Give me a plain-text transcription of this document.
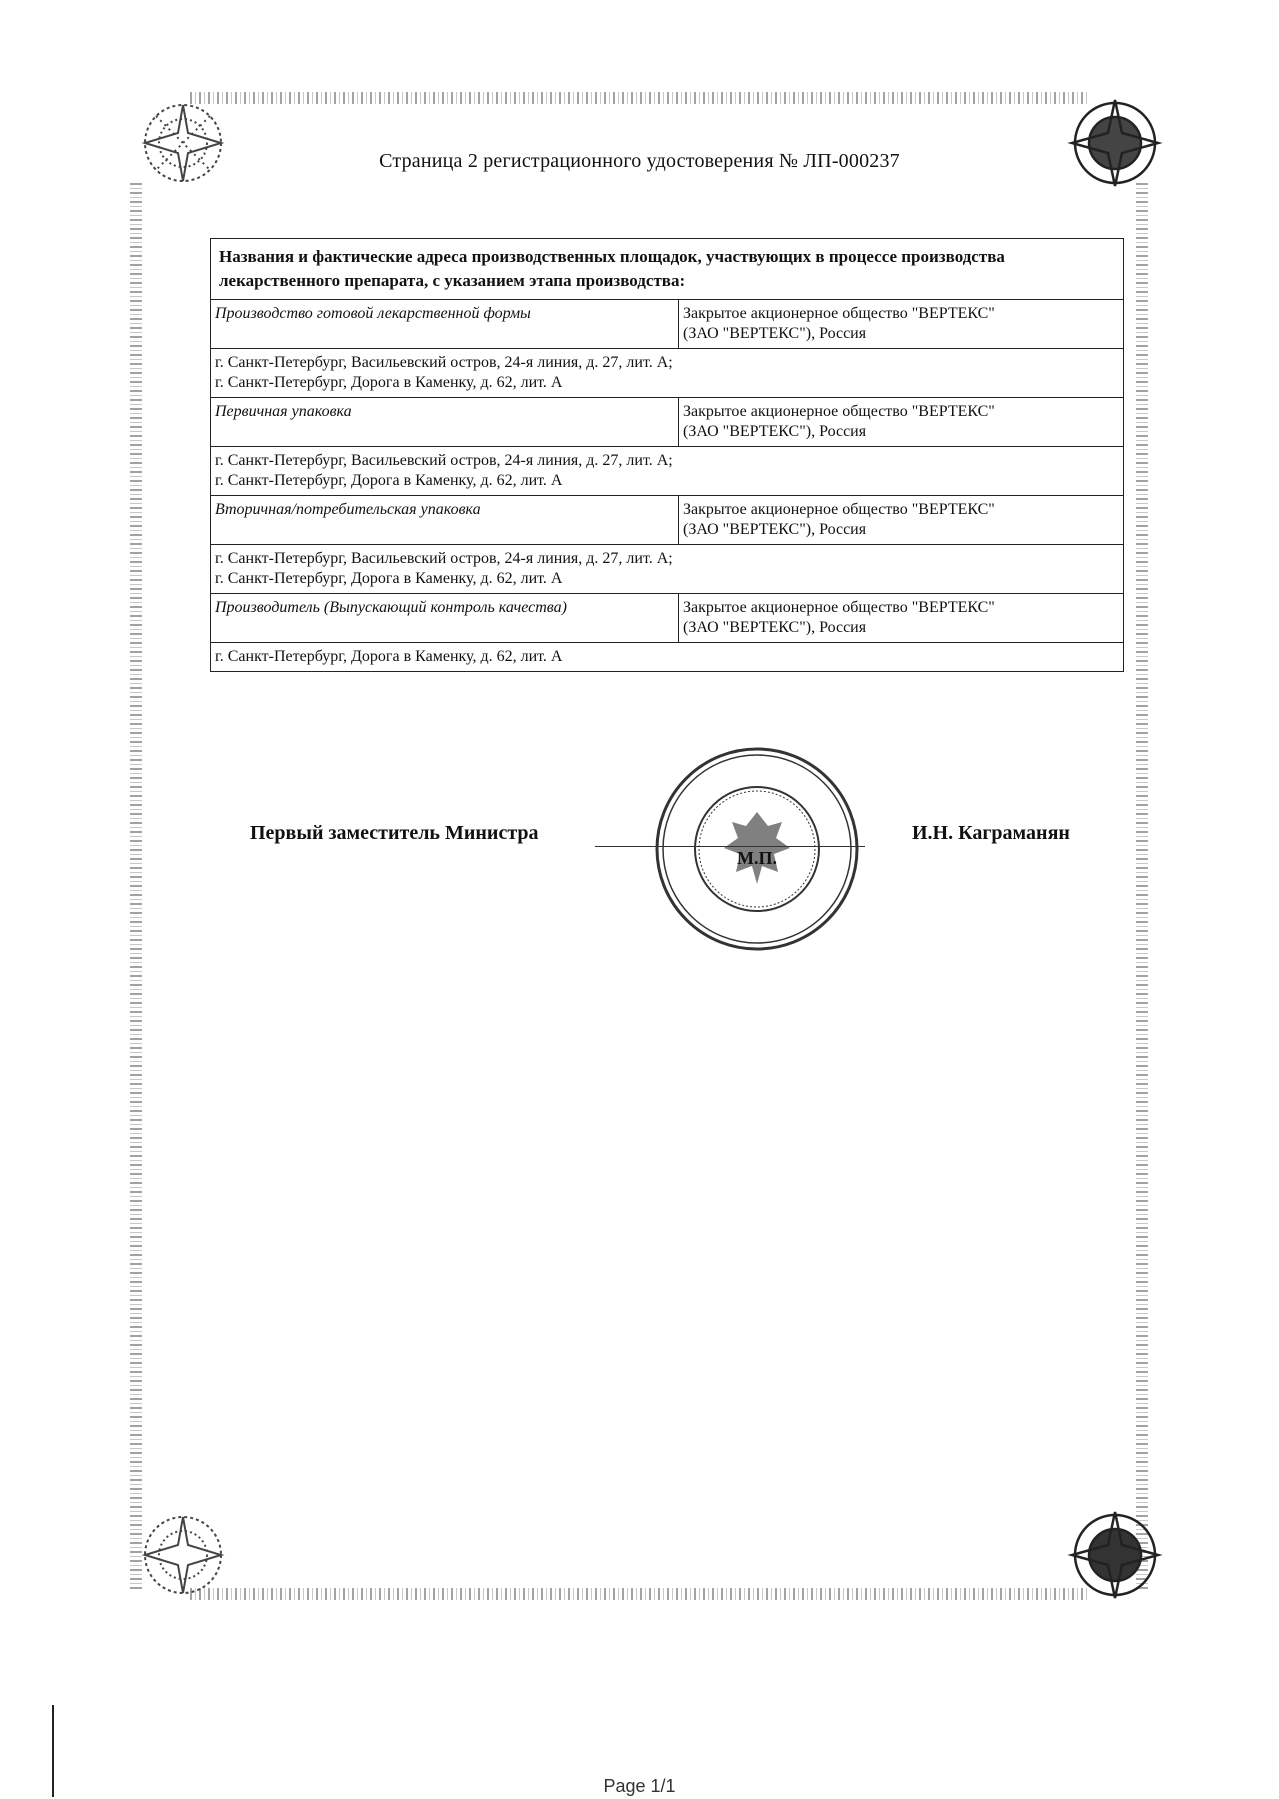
Страница 2 регистрационного удостоверения № ЛП-000237
Названия и фактические адреса производственных площадок, участвующих в процессе производства лекарственного препарата, с указанием этапа производства:	
Производство готовой лекарственной формы	Закрытое акционерное общество "ВЕРТЕКС"
(ЗАО "ВЕРТЕКС"), Россия

г. Санкт-Петербург, Васильевский остров, 24-я линия, д. 27, лит. А;
г. Санкт-Петербург, Дорога в Каменку, д. 62, лит. А	

Первичная упаковка	Закрытое акционерное общество "ВЕРТЕКС"
(ЗАО "ВЕРТЕКС"), Россия

г. Санкт-Петербург, Васильевский остров, 24-я линия, д. 27, лит. А;
г. Санкт-Петербург, Дорога в Каменку, д. 62, лит. А	

Вторичная/потребительская упаковка	Закрытое акционерное общество "ВЕРТЕКС"
(ЗАО "ВЕРТЕКС"), Россия

г. Санкт-Петербург, Васильевский остров, 24-я линия, д. 27, лит. А;
г. Санкт-Петербург, Дорога в Каменку, д. 62, лит. А	

Производитель (Выпускающий контроль качества)	Закрытое акционерное общество "ВЕРТЕКС"
(ЗАО "ВЕРТЕКС"), Россия

г. Санкт-Петербург, Дорога в Каменку, д. 62, лит. А	
М.П.
Первый заместитель Министра	И.Н. Каграманян
Page 1/1
